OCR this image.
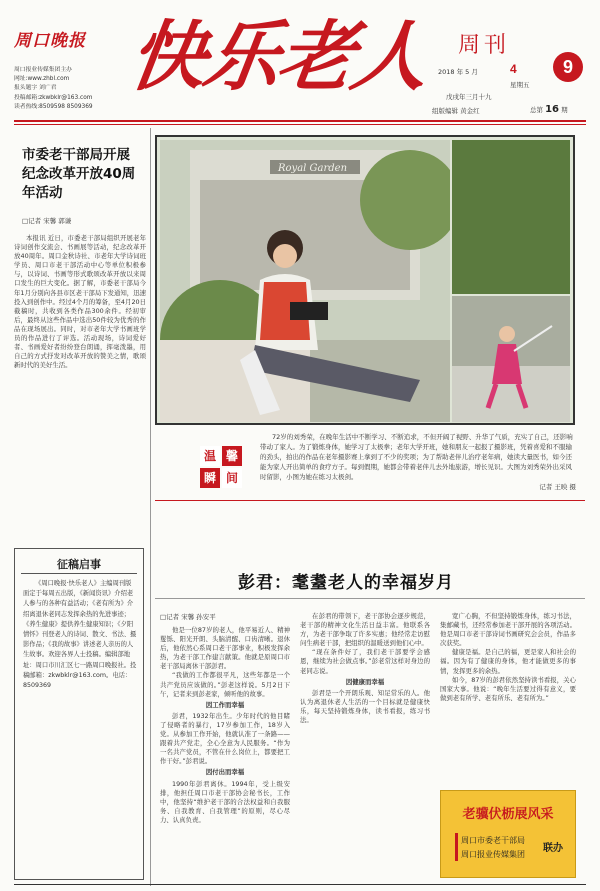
周口晚报
周口报业传媒集团主办
网址:www.zhbl.com
报头题字 刘广君
投稿邮箱:zkwbklr@163.com
读者热线:8509598 8509369
快乐老人 周刊
9
2018 年 5 月	4
星期五
戊戌年三月十九
组版编辑 黄金红	总第 16 期
市委老干部局开展纪念改革开放40周年活动
□记者 宋馨 郭谦
本报讯 近日，市委老干部局组织开展老年诗词创作交流会、书画展等活动，纪念改革开放40周年。周口金秋诗社、市老年大学诗词班学员、周口市老干部活动中心等单位积极参与，以诗词、书画等形式歌颂改革开放以来周口发生的巨大变化。据了解，市委老干部局今年1月分别向各县市区老干部局下发通知，迅速投入到创作中。经过4个月的筹备，至4月20日截稿时，共收到各类作品300余件。经初审后，最终从这些作品中选出50件较为优秀的作品在现场展出。同时，对市老年大学书画班学员的作品进行了评选。活动现场，诗词爱好者、书画爱好者纷纷登台朗诵，挥毫泼墨，用自己的方式抒发对改革开放的赞美之情，歌颂新时代的美好生活。
征稿启事
《周口晚报·快乐老人》主编周刊版面定于每周五出版，《新闻资讯》介绍老人参与的各种有益活动；《老有所为》介绍离退休老同志发挥余热的先进事迹；《养生健康》提供养生健康知识；《夕阳情怀》刊登老人的诗词、散文、书法、摄影作品；《我的故事》讲述老人亲历的人生故事。欢迎各界人士投稿。编辑部地址：周口市川汇区七一路周口晚报社。投稿邮箱：zkwbklr@163.com。电话：8509369
Royal Garden
72岁的刘秀荣，在晚年生活中不断学习、不断追求，不但开阔了视野、升华了气质，充实了自己，还影响带动了家人。为了锻炼身体，她学习了太极拳；老年大学开班，她和朋友一起报了摄影班，凭着喜爱和不服输的劲头，拍出的作品在老年摄影赛上拿到了不少的奖项；为了帮助老伴儿治疗老年病，她读大量医书，如今还能为家人开出简单的食疗方子。每到假期，她都会带着老伴儿去外地旅游，增长见识。大图为刘秀荣外出采风时留影，小图为她在练习太极剑。
记者 王映 摄
温 馨
瞬 间
彭君：耄耋老人的幸福岁月
□记者 宋馨 孙安平

他是一位87岁的老人，他平易近人、精神矍铄、阳光开朗、头脑清醒、口齿清晰。退休后，他依然心系周口老干部事业，积极发挥余热，为老干部工作建言献策。他就是原周口市老干部局离休干部彭君。

“我做的工作都很平凡，这些年都是一个共产党员应该做的。”彭老这样说。5月2日下午，记者来到彭老家，倾听他的故事。

因工作而幸福

彭君，1932年出生。少年时代的他目睹了侵略者的暴行，17岁参加工作，18岁入党。从参加工作开始，他就认准了一条路——跟着共产党走，全心全意为人民服务。“作为一名共产党员，不管在什么岗位上，都要把工作干好。”彭君说。

因付出而幸福

1990年彭君离休。1994年，受上级安排，他担任周口市老干部协会秘书长，工作中，他坚持“维护老干部的合法权益和自我服务、自我教育、自我管理”的原则，尽心尽力、认真负责。

在彭君的带领下，老干部协会逐步规范，老干部的精神文化生活日益丰富。他联系各方，为老干部争取了许多实惠；他经常走访慰问生病老干部，把组织的温暖送到他们心中。

“现在条件好了，我们老干部要学会感恩，继续为社会做点事。”彭老常这样对身边的老同志说。

因健康而幸福

彭君是一个开朗乐观、知足常乐的人。他认为离退休老人生活的一个目标就是健康快乐，每天坚持锻炼身体，读书看报，练习书法。

宽广心胸，不但坚持锻炼身体，练习书法，集邮藏书，还经常参加老干部开展的各项活动。他是周口市老干部诗词书画研究会会员，作品多次获奖。

健康是福。是自己的福，更是家人和社会的福。因为有了健康的身体，他才能做更多的事情，发挥更多的余热。

如今，87岁的彭君依然坚持读书看报，关心国家大事。他说：“晚年生活要过得有意义，要做到老有所学、老有所乐、老有所为。”

老骥伏枥展风采
周口市委老干部局
周口报业传媒集团
联办
